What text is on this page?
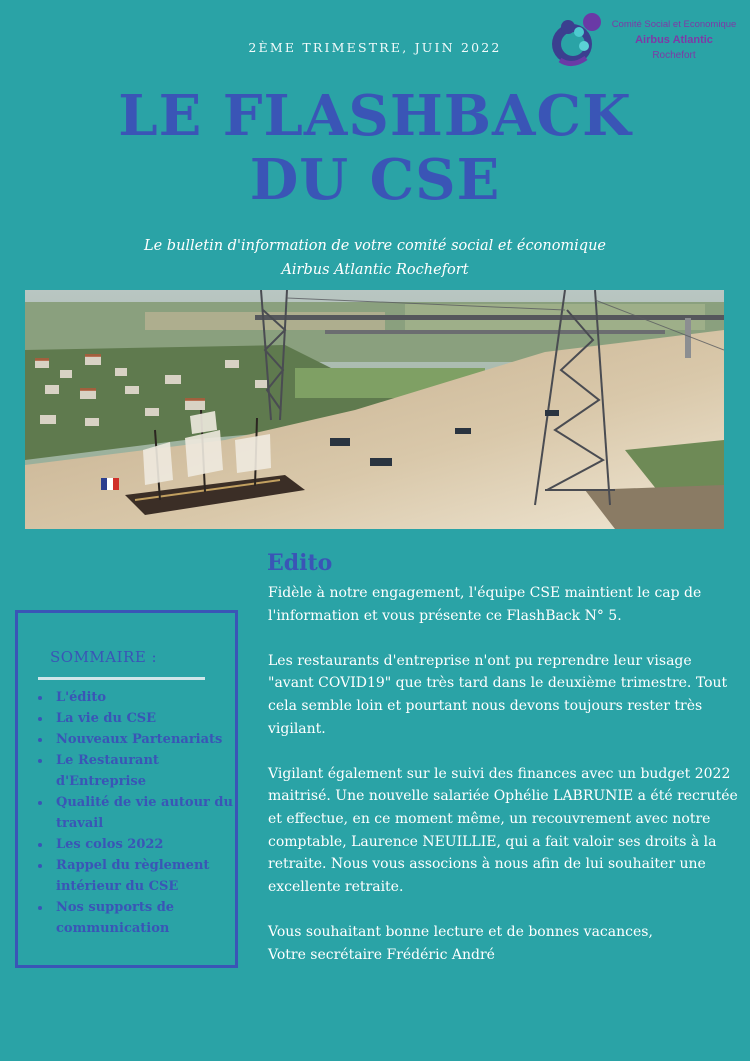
2ÈME TRIMESTRE, JUIN 2022
Comité Social et Economique
Airbus Atlantic
Rochefort
LE FLASHBACK
DU CSE
Le bulletin d'information de votre comité social et économique
Airbus Atlantic Rochefort
Edito

Fidèle à notre engagement, l'équipe CSE maintient le cap de l'information et vous présente ce FlashBack N° 5.

Les restaurants d'entreprise n'ont pu reprendre leur visage "avant COVID19" que très tard dans le deuxième trimestre. Tout cela semble loin et pourtant nous devons toujours rester très vigilant.

Vigilant également sur le suivi des finances avec un budget 2022 maitrisé. Une nouvelle salariée Ophélie LABRUNIE a été recrutée et effectue, en ce moment même, un recouvrement avec notre comptable, Laurence NEUILLIE, qui a fait valoir ses droits à la retraite. Nous vous associons à nous afin de lui souhaiter une excellente retraite.

Vous souhaitant bonne lecture et de bonnes vacances,

Votre secrétaire Frédéric André

SOMMAIRE :
L'édito
La vie du CSE
Nouveaux Partenariats
Le Restaurant d'Entreprise
Qualité de vie autour du travail
Les colos 2022
Rappel du règlement intérieur du CSE
Nos supports de communication
